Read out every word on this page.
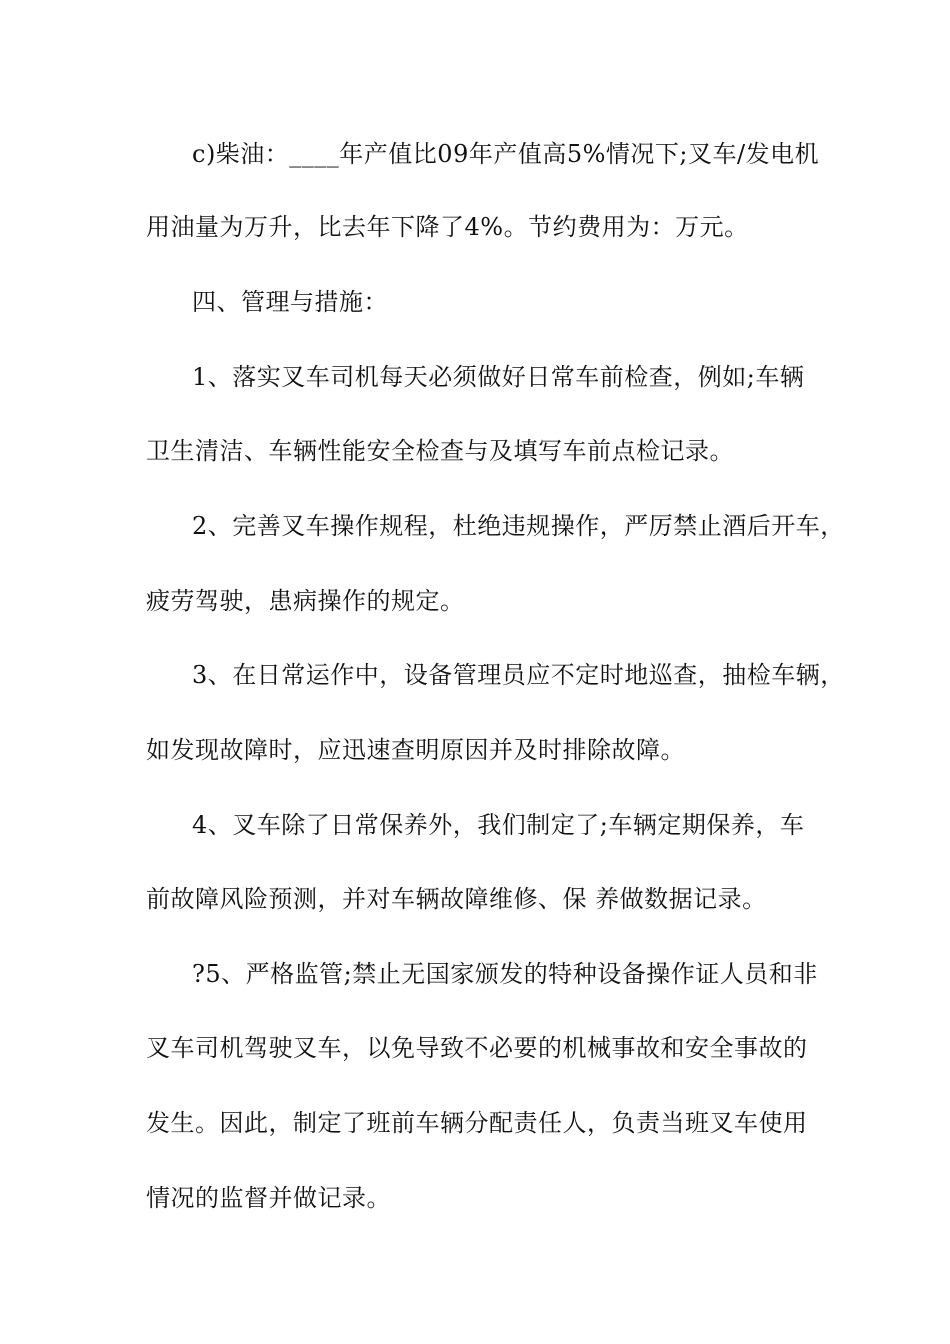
c)柴油：____年产值比09年产值高5%情况下;叉车/发电机
用油量为万升，比去年下降了4%。节约费用为：万元。
四、管理与措施：
1、落实叉车司机每天必须做好日常车前检查，例如;车辆
卫生清洁、车辆性能安全检查与及填写车前点检记录。
2、完善叉车操作规程，杜绝违规操作，严厉禁止酒后开车，
疲劳驾驶，患病操作的规定。
3、在日常运作中，设备管理员应不定时地巡查，抽检车辆，
如发现故障时，应迅速查明原因并及时排除故障。
4、叉车除了日常保养外，我们制定了;车辆定期保养，车
前故障风险预测，并对车辆故障维修、保 养做数据记录。
?5、严格监管;禁止无国家颁发的特种设备操作证人员和非
叉车司机驾驶叉车，以免导致不必要的机械事故和安全事故的
发生。因此，制定了班前车辆分配责任人，负责当班叉车使用
情况的监督并做记录。
